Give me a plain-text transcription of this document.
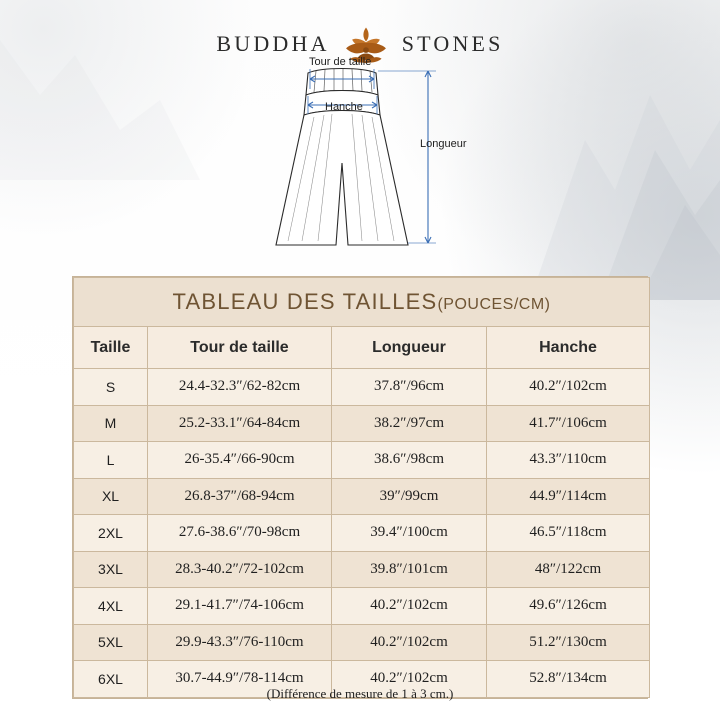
BUDDHA	STONES
Tour de taille
Hanche
Longueur
TABLEAU DES TAILLES(POUCES/CM)			
Taille	Tour de taille	Longueur	Hanche
S	24.4-32.3″/62-82cm	37.8″/96cm	40.2″/102cm
M	25.2-33.1″/64-84cm	38.2″/97cm	41.7″/106cm
L	26-35.4″/66-90cm	38.6″/98cm	43.3″/110cm
XL	26.8-37″/68-94cm	39″/99cm	44.9″/114cm
2XL	27.6-38.6″/70-98cm	39.4″/100cm	46.5″/118cm
3XL	28.3-40.2″/72-102cm	39.8″/101cm	48″/122cm
4XL	29.1-41.7″/74-106cm	40.2″/102cm	49.6″/126cm
5XL	29.9-43.3″/76-110cm	40.2″/102cm	51.2″/130cm
6XL	30.7-44.9″/78-114cm	40.2″/102cm	52.8″/134cm
(Différence de mesure de 1 à 3 cm.)
